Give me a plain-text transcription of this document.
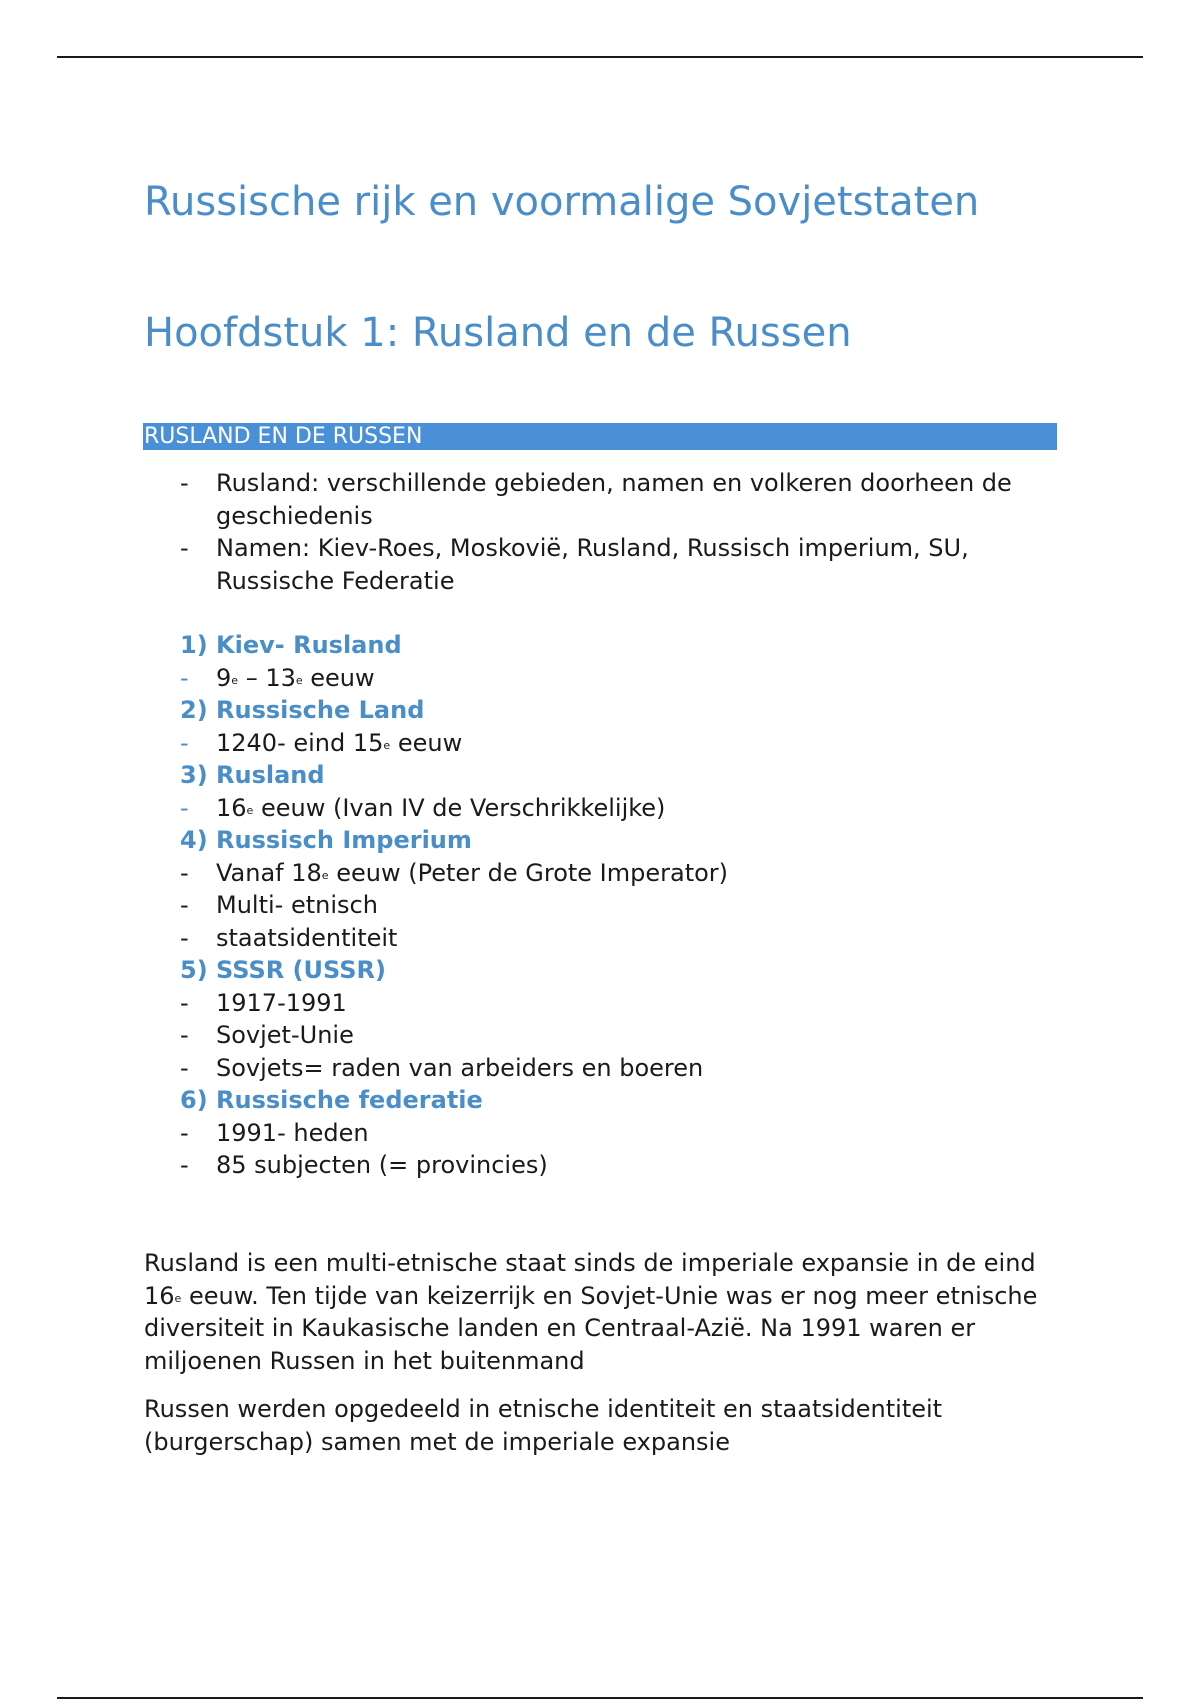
Russische rijk en voormalige Sovjetstaten
Hoofdstuk 1: Rusland en de Russen
RUSLAND EN DE RUSSEN
- Rusland: verschillende gebieden, namen en volkeren doorheen de geschiedenis
- Namen: Kiev-Roes, Moskovië, Rusland, Russisch imperium, SU, Russische Federatie
1) Kiev- Rusland
- 9e – 13e eeuw
2) Russische Land
- 1240- eind 15e eeuw
3) Rusland
- 16e eeuw (Ivan IV de Verschrikkelijke)
4) Russisch Imperium
- Vanaf 18e eeuw (Peter de Grote Imperator)
- Multi- etnisch
- staatsidentiteit
5) SSSR (USSR)
- 1917-1991
- Sovjet-Unie
- Sovjets= raden van arbeiders en boeren
6) Russische federatie
- 1991- heden
- 85 subjecten (= provincies)

Rusland is een multi-etnische staat sinds de imperiale expansie in de eind 16e eeuw. Ten tijde van keizerrijk en Sovjet-Unie was er nog meer etnische diversiteit in Kaukasische landen en Centraal-Azië. Na 1991 waren er miljoenen Russen in het buitenmand

Russen werden opgedeeld in etnische identiteit en staatsidentiteit (burgerschap) samen met de imperiale expansie
